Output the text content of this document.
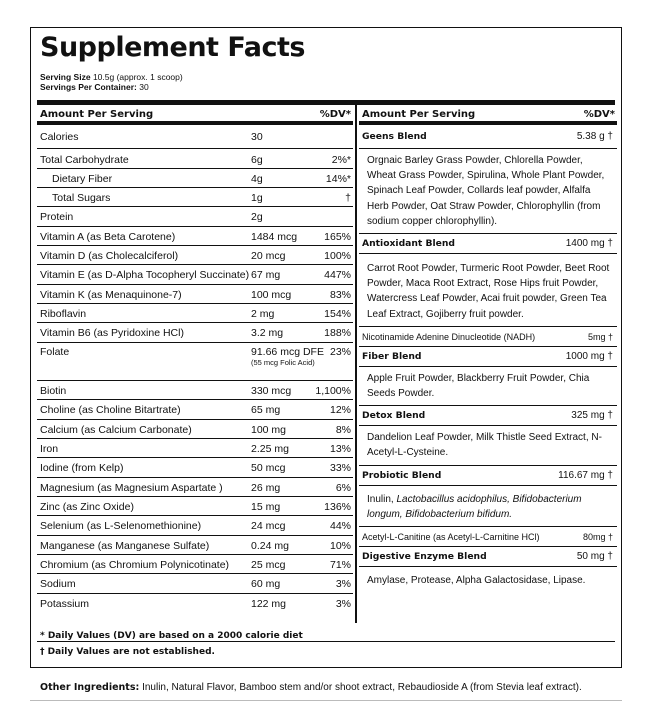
Supplement Facts
Serving Size 10.5g (approx. 1 scoop)
Servings Per Container: 30
Amount Per Serving	%DV*
Calories	30
Total Carbohydrate	6g	2%*
Dietary Fiber	4g	14%*
Total Sugars	1g	†
Protein	2g
Vitamin A (as Beta Carotene)	1484 mcg	165%
Vitamin D (as Cholecalciferol)	20 mcg	100%
Vitamin E (as D-Alpha Tocopheryl Succinate) 67 mg	447%
Vitamin K (as Menaquinone-7)	100 mcg	83%
Riboflavin	2 mg	154%
Vitamin B6 (as Pyridoxine HCl)	3.2 mg	188%
Folate	91.66 mcg DFE 23%
(55 mcg Folic Acid)
Biotin	330 mcg 1,100%
Choline (as Choline Bitartrate)	65 mg	12%
Calcium (as Calcium Carbonate)	100 mg	8%
Iron	2.25 mg	13%
Iodine (from Kelp)	50 mcg	33%
Magnesium (as Magnesium Aspartate )	26 mg	6%
Zinc (as Zinc Oxide)	15 mg	136%
Selenium (as L-Selenomethionine)	24 mcg	44%
Manganese (as Manganese Sulfate)	0.24 mg	10%
Chromium (as Chromium Polynicotinate) 25 mcg	71%
Sodium	60 mg	3%
Potassium	122 mg	3%
Amount Per Serving	%DV*
Geens Blend	5.38 g †
Orgnaic Barley Grass Powder, Chlorella Powder, Wheat Grass Powder, Spirulina, Whole Plant Powder, Spinach Leaf Powder, Collards leaf powder, Alfalfa Herb Powder, Oat Straw Powder, Chlorophyllin (from sodium copper chlorophyllin).
Antioxidant Blend	1400 mg †
Carrot Root Powder, Turmeric Root Powder, Beet Root Powder, Maca Root Extract, Rose Hips fruit Powder, Watercress Leaf Powder, Acai fruit powder, Green Tea Leaf Extract, Gojiberry fruit powder.
Nicotinamide Adenine Dinucleotide (NADH)	5mg †
Fiber Blend	1000 mg †
Apple Fruit Powder, Blackberry Fruit Powder, Chia Seeds Powder.
Detox Blend	325 mg †
Dandelion Leaf Powder, Milk Thistle Seed Extract, N-Acetyl-L-Cysteine.
Probiotic Blend	116.67 mg †
Inulin, Lactobacillus acidophilus, Bifidobacterium longum, Bifidobacterium bifidum.
Acetyl-L-Canitine (as Acetyl-L-Carnitine HCl)	80mg †
Digestive Enzyme Blend	50 mg †
Amylase, Protease, Alpha Galactosidase, Lipase.
* Daily Values (DV) are based on a 2000 calorie diet
† Daily Values are not established.
Other Ingredients: Inulin, Natural Flavor, Bamboo stem and/or shoot extract, Rebaudioside A (from Stevia leaf extract).
